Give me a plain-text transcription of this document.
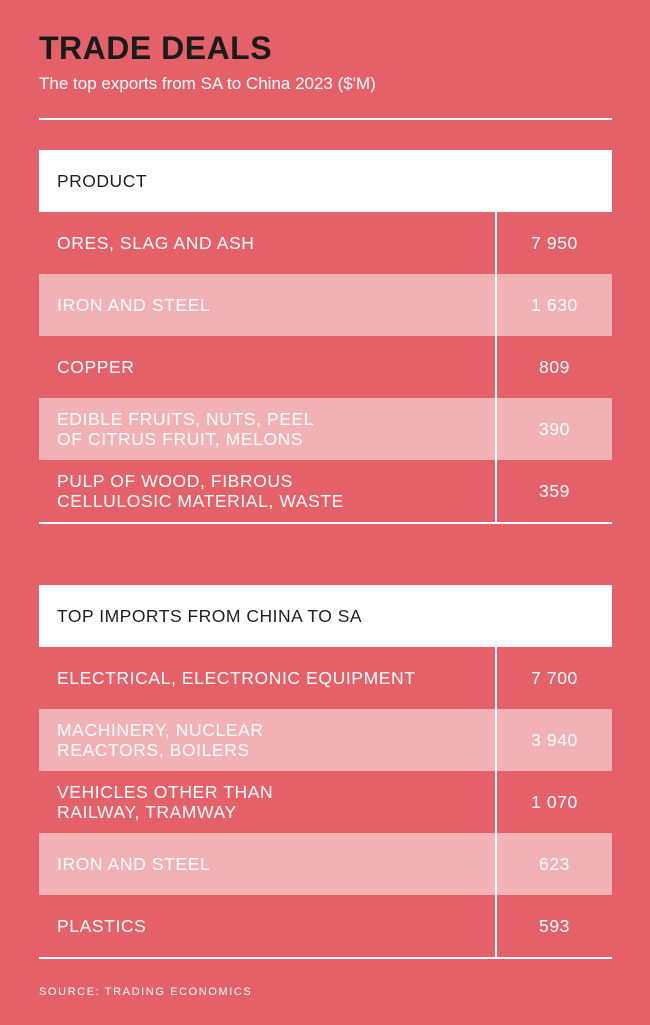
TRADE DEALS

The top exports from SA to China 2023 ($'M)

PRODUCT
ORES, SLAG AND ASH	7 950
IRON AND STEEL	1 630
COPPER	809
EDIBLE FRUITS, NUTS, PEEL
OF CITRUS FRUIT, MELONS
390
PULP OF WOOD, FIBROUS
CELLULOSIC MATERIAL, WASTE
359
TOP IMPORTS FROM CHINA TO SA
ELECTRICAL, ELECTRONIC EQUIPMENT	7 700
MACHINERY, NUCLEAR
REACTORS, BOILERS
3 940
VEHICLES OTHER THAN
RAILWAY, TRAMWAY
1 070
IRON AND STEEL	623
PLASTICS	593
SOURCE: TRADING ECONOMICS
